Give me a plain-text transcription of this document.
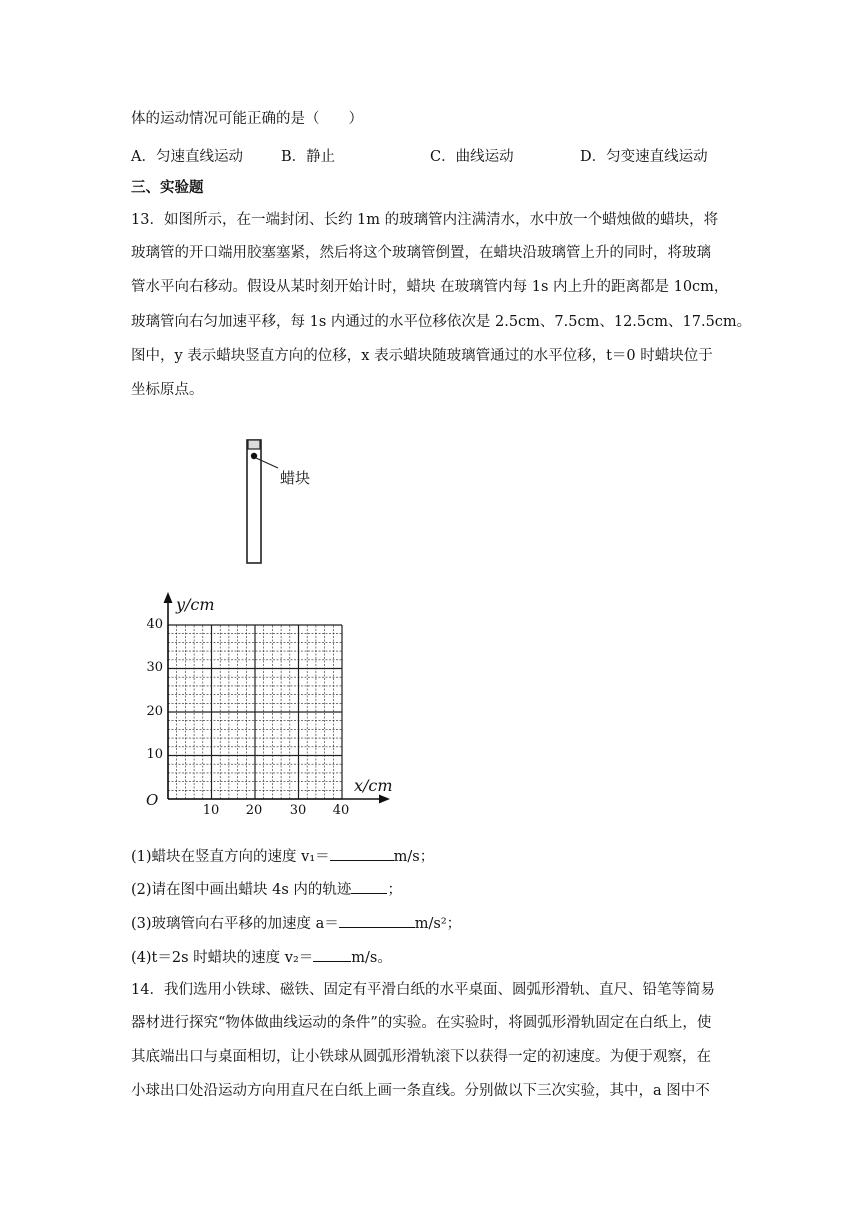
体的运动情况可能正确的是（　　）
A．匀速直线运动	B．静止	C．曲线运动	D．匀变速直线运动
三、实验题
13．如图所示，在一端封闭、长约 1m 的玻璃管内注满清水，水中放一个蜡烛做的蜡块，将
玻璃管的开口端用胶塞塞紧，然后将这个玻璃管倒置，在蜡块沿玻璃管上升的同时，将玻璃
管水平向右移动。假设从某时刻开始计时，蜡块 在玻璃管内每 1s 内上升的距离都是 10cm，
玻璃管向右匀加速平移，每 1s 内通过的水平位移依次是 2.5cm、7.5cm、12.5cm、17.5cm。
图中，y 表示蜡块竖直方向的位移，x 表示蜡块随玻璃管通过的水平位移，t＝0 时蜡块位于
坐标原点。
蜡块
y/cm
x/cm
O
10
20
30
40
10 20 30 40
(1)蜡块在竖直方向的速度 v₁＝	m/s；
(2)请在图中画出蜡块 4s 内的轨迹 ；
(3)玻璃管向右平移的加速度 a＝	m/s²；
(4)t＝2s 时蜡块的速度 v₂＝	m/s。
14．我们选用小铁球、磁铁、固定有平滑白纸的水平桌面、圆弧形滑轨、直尺、铅笔等简易
器材进行探究“物体做曲线运动的条件”的实验。在实验时，将圆弧形滑轨固定在白纸上，使
其底端出口与桌面相切，让小铁球从圆弧形滑轨滚下以获得一定的初速度。为便于观察，在
小球出口处沿运动方向用直尺在白纸上画一条直线。分别做以下三次实验，其中，a 图中不
